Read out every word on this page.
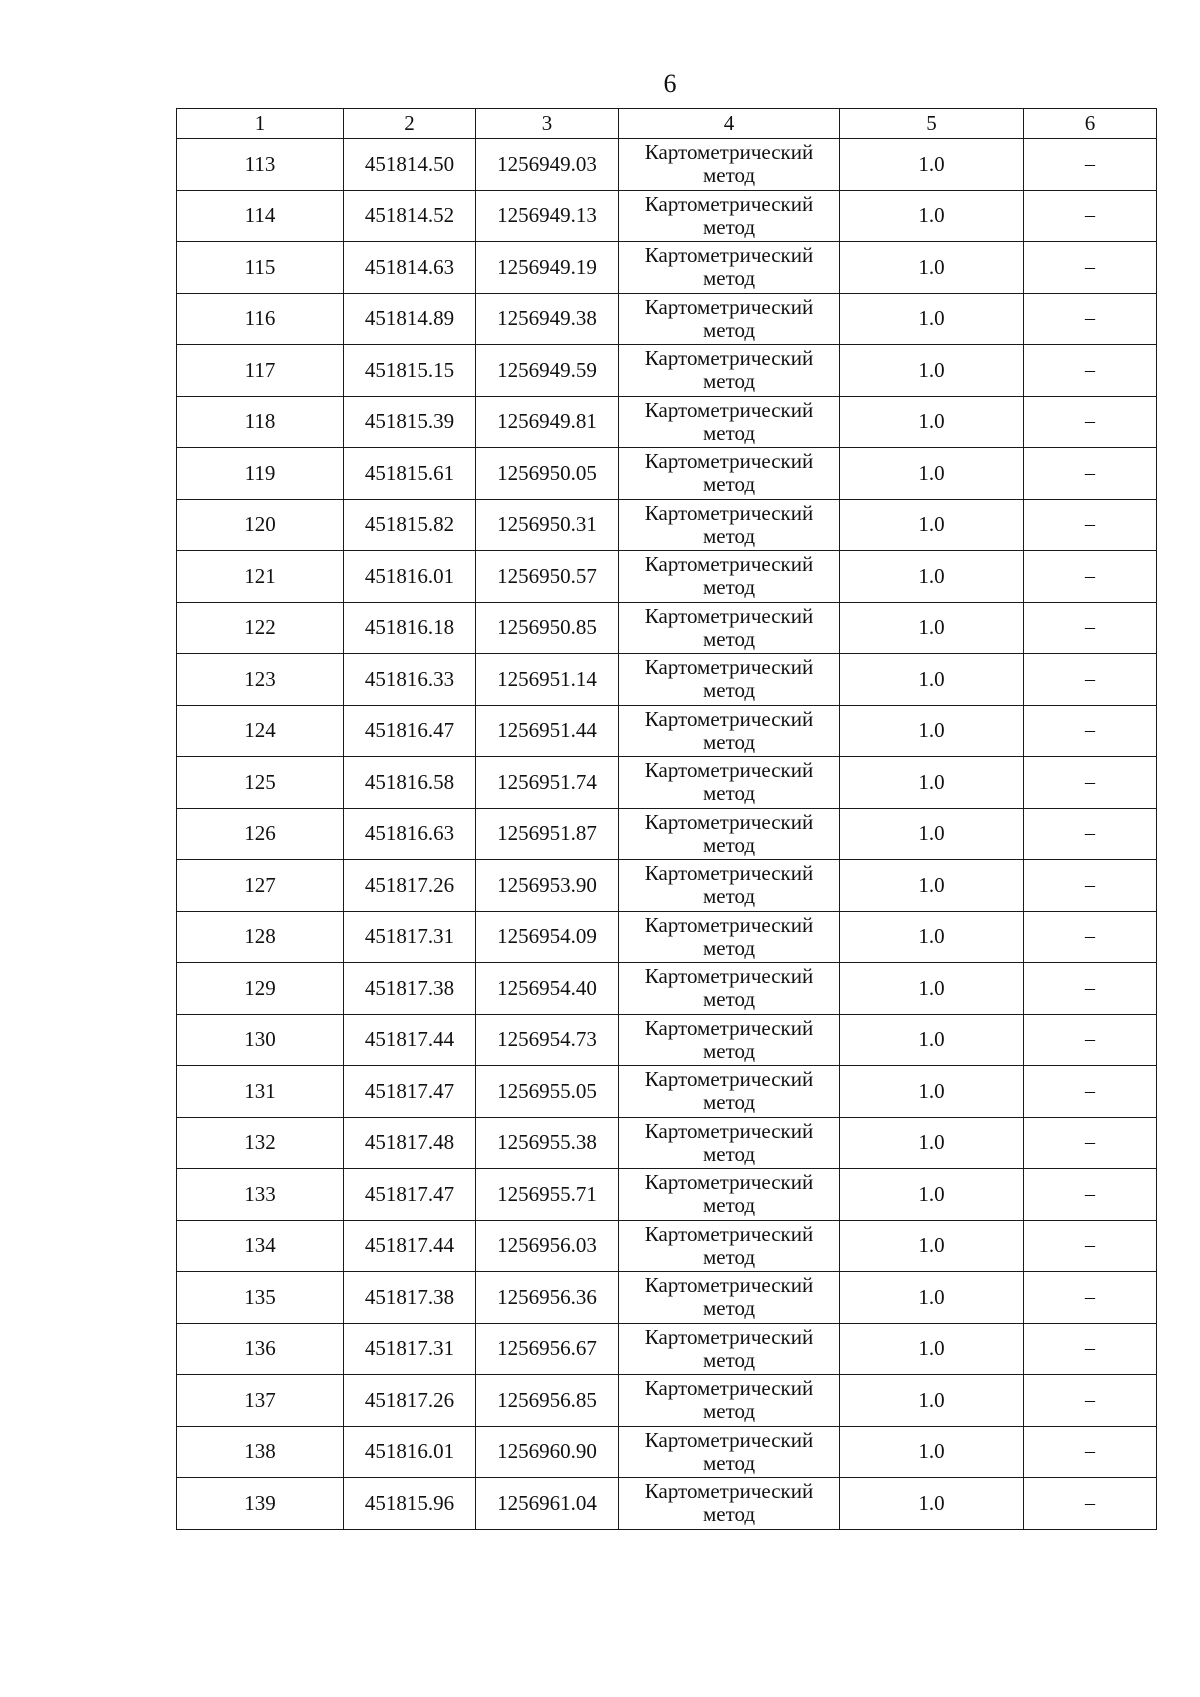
6
1	2	3	4	5	6
113	451814.50	1256949.03	Картометрический метод	1.0	–
114	451814.52	1256949.13	Картометрический метод	1.0	–
115	451814.63	1256949.19	Картометрический метод	1.0	–
116	451814.89	1256949.38	Картометрический метод	1.0	–
117	451815.15	1256949.59	Картометрический метод	1.0	–
118	451815.39	1256949.81	Картометрический метод	1.0	–
119	451815.61	1256950.05	Картометрический метод	1.0	–
120	451815.82	1256950.31	Картометрический метод	1.0	–
121	451816.01	1256950.57	Картометрический метод	1.0	–
122	451816.18	1256950.85	Картометрический метод	1.0	–
123	451816.33	1256951.14	Картометрический метод	1.0	–
124	451816.47	1256951.44	Картометрический метод	1.0	–
125	451816.58	1256951.74	Картометрический метод	1.0	–
126	451816.63	1256951.87	Картометрический метод	1.0	–
127	451817.26	1256953.90	Картометрический метод	1.0	–
128	451817.31	1256954.09	Картометрический метод	1.0	–
129	451817.38	1256954.40	Картометрический метод	1.0	–
130	451817.44	1256954.73	Картометрический метод	1.0	–
131	451817.47	1256955.05	Картометрический метод	1.0	–
132	451817.48	1256955.38	Картометрический метод	1.0	–
133	451817.47	1256955.71	Картометрический метод	1.0	–
134	451817.44	1256956.03	Картометрический метод	1.0	–
135	451817.38	1256956.36	Картометрический метод	1.0	–
136	451817.31	1256956.67	Картометрический метод	1.0	–
137	451817.26	1256956.85	Картометрический метод	1.0	–
138	451816.01	1256960.90	Картометрический метод	1.0	–
139	451815.96	1256961.04	Картометрический метод	1.0	–
